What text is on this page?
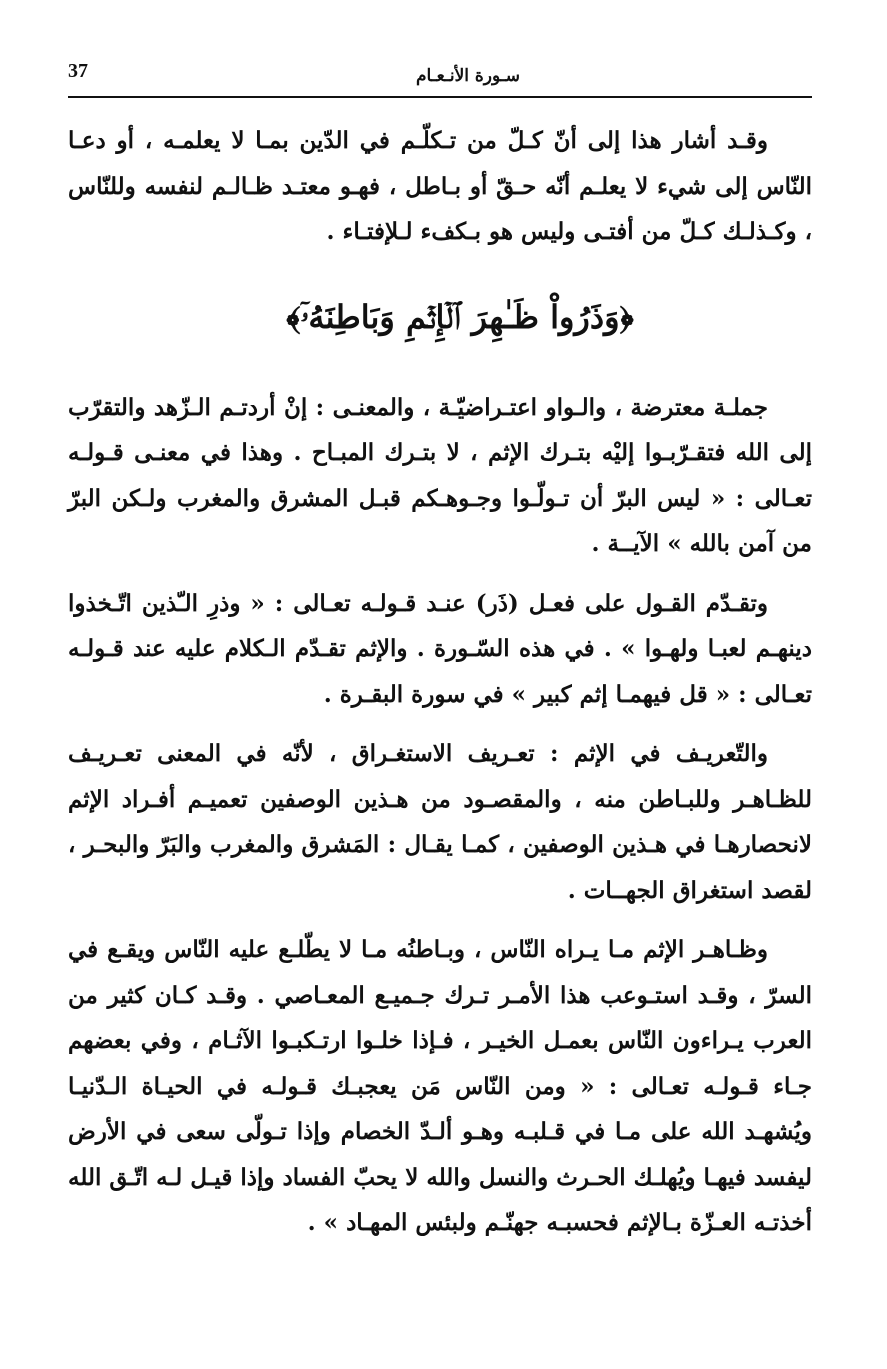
37	سـورة الأنـعـام

وقـد أشار هذا إلى أنّ كـلّ من تـكلّـم في الدّين بمـا لا يعلمـه ، أو دعـا النّاس إلى شيء لا يعلـم أنّه حـقّ أو بـاطل ، فهـو معتـد ظـالـم لنفسه وللنّاس ، وكـذلـك كـلّ من أفتـى وليس هو بـكفء لـلإفتـاء .

﴿وَذَرُواْ ظَـٰهِرَ ٱلۡإِثۡمِ وَبَاطِنَهُۥٓ﴾

جملـة معترضة ، والـواو اعتـراضيّـة ، والمعنـى : إنْ أردتـم الـزّهد والتقرّب إلى الله فتقـرّبـوا إليْه بتـرك الإثم ، لا بتـرك المبـاح . وهذا في معنـى قـولـه تعـالى : « ليس البرّ أن تـولّـوا وجـوهـكم قبـل المشرق والمغرب ولـكن البرّ من آمن بالله » الآيــة .

وتقـدّم القـول على فعـل (ذَر) عنـد قـولـه تعـالى : « وذرِ الـّذين اتّـخذوا دينهـم لعبـا ولهـوا » . في هذه السّـورة . والإثم تقـدّم الـكلام عليه عند قـولـه تعـالى : « قل فيهمـا إثم كبير » في سورة البقـرة .

والتّعريـف في الإثم : تعـريف الاستغـراق ، لأنّه في المعنى تعـريـف للظـاهـر وللبـاطن منه ، والمقصـود من هـذين الوصفين تعميـم أفـراد الإثم لانحصارهـا في هـذين الوصفين ، كمـا يقـال : المَشرق والمغرب والبَرّ والبحـر ، لقصد استغراق الجهــات .

وظـاهـر الإثم مـا يـراه النّاس ، وبـاطنُه مـا لا يطّلـع عليه النّاس ويقـع في السرّ ، وقـد استـوعب هذا الأمـر تـرك جـميـع المعـاصي . وقـد كـان كثير من العرب يـراءون النّاس بعمـل الخيـر ، فـإذا خلـوا ارتـكبـوا الآثـام ، وفي بعضهم جـاء قـولـه تعـالى : « ومن النّاس مَن يعجبـك قـولـه في الحيـاة الـدّنيـا ويُشهـد الله على مـا في قـلبـه وهـو ألـدّ الخصام وإذا تـولّى سعى في الأرض ليفسد فيهـا ويُهلـك الحـرث والنسل والله لا يحبّ الفساد وإذا قيـل لـه اتّـق الله أخذتـه العـزّة بـالإثم فحسبـه جهنّـم ولبئس المهـاد » .
